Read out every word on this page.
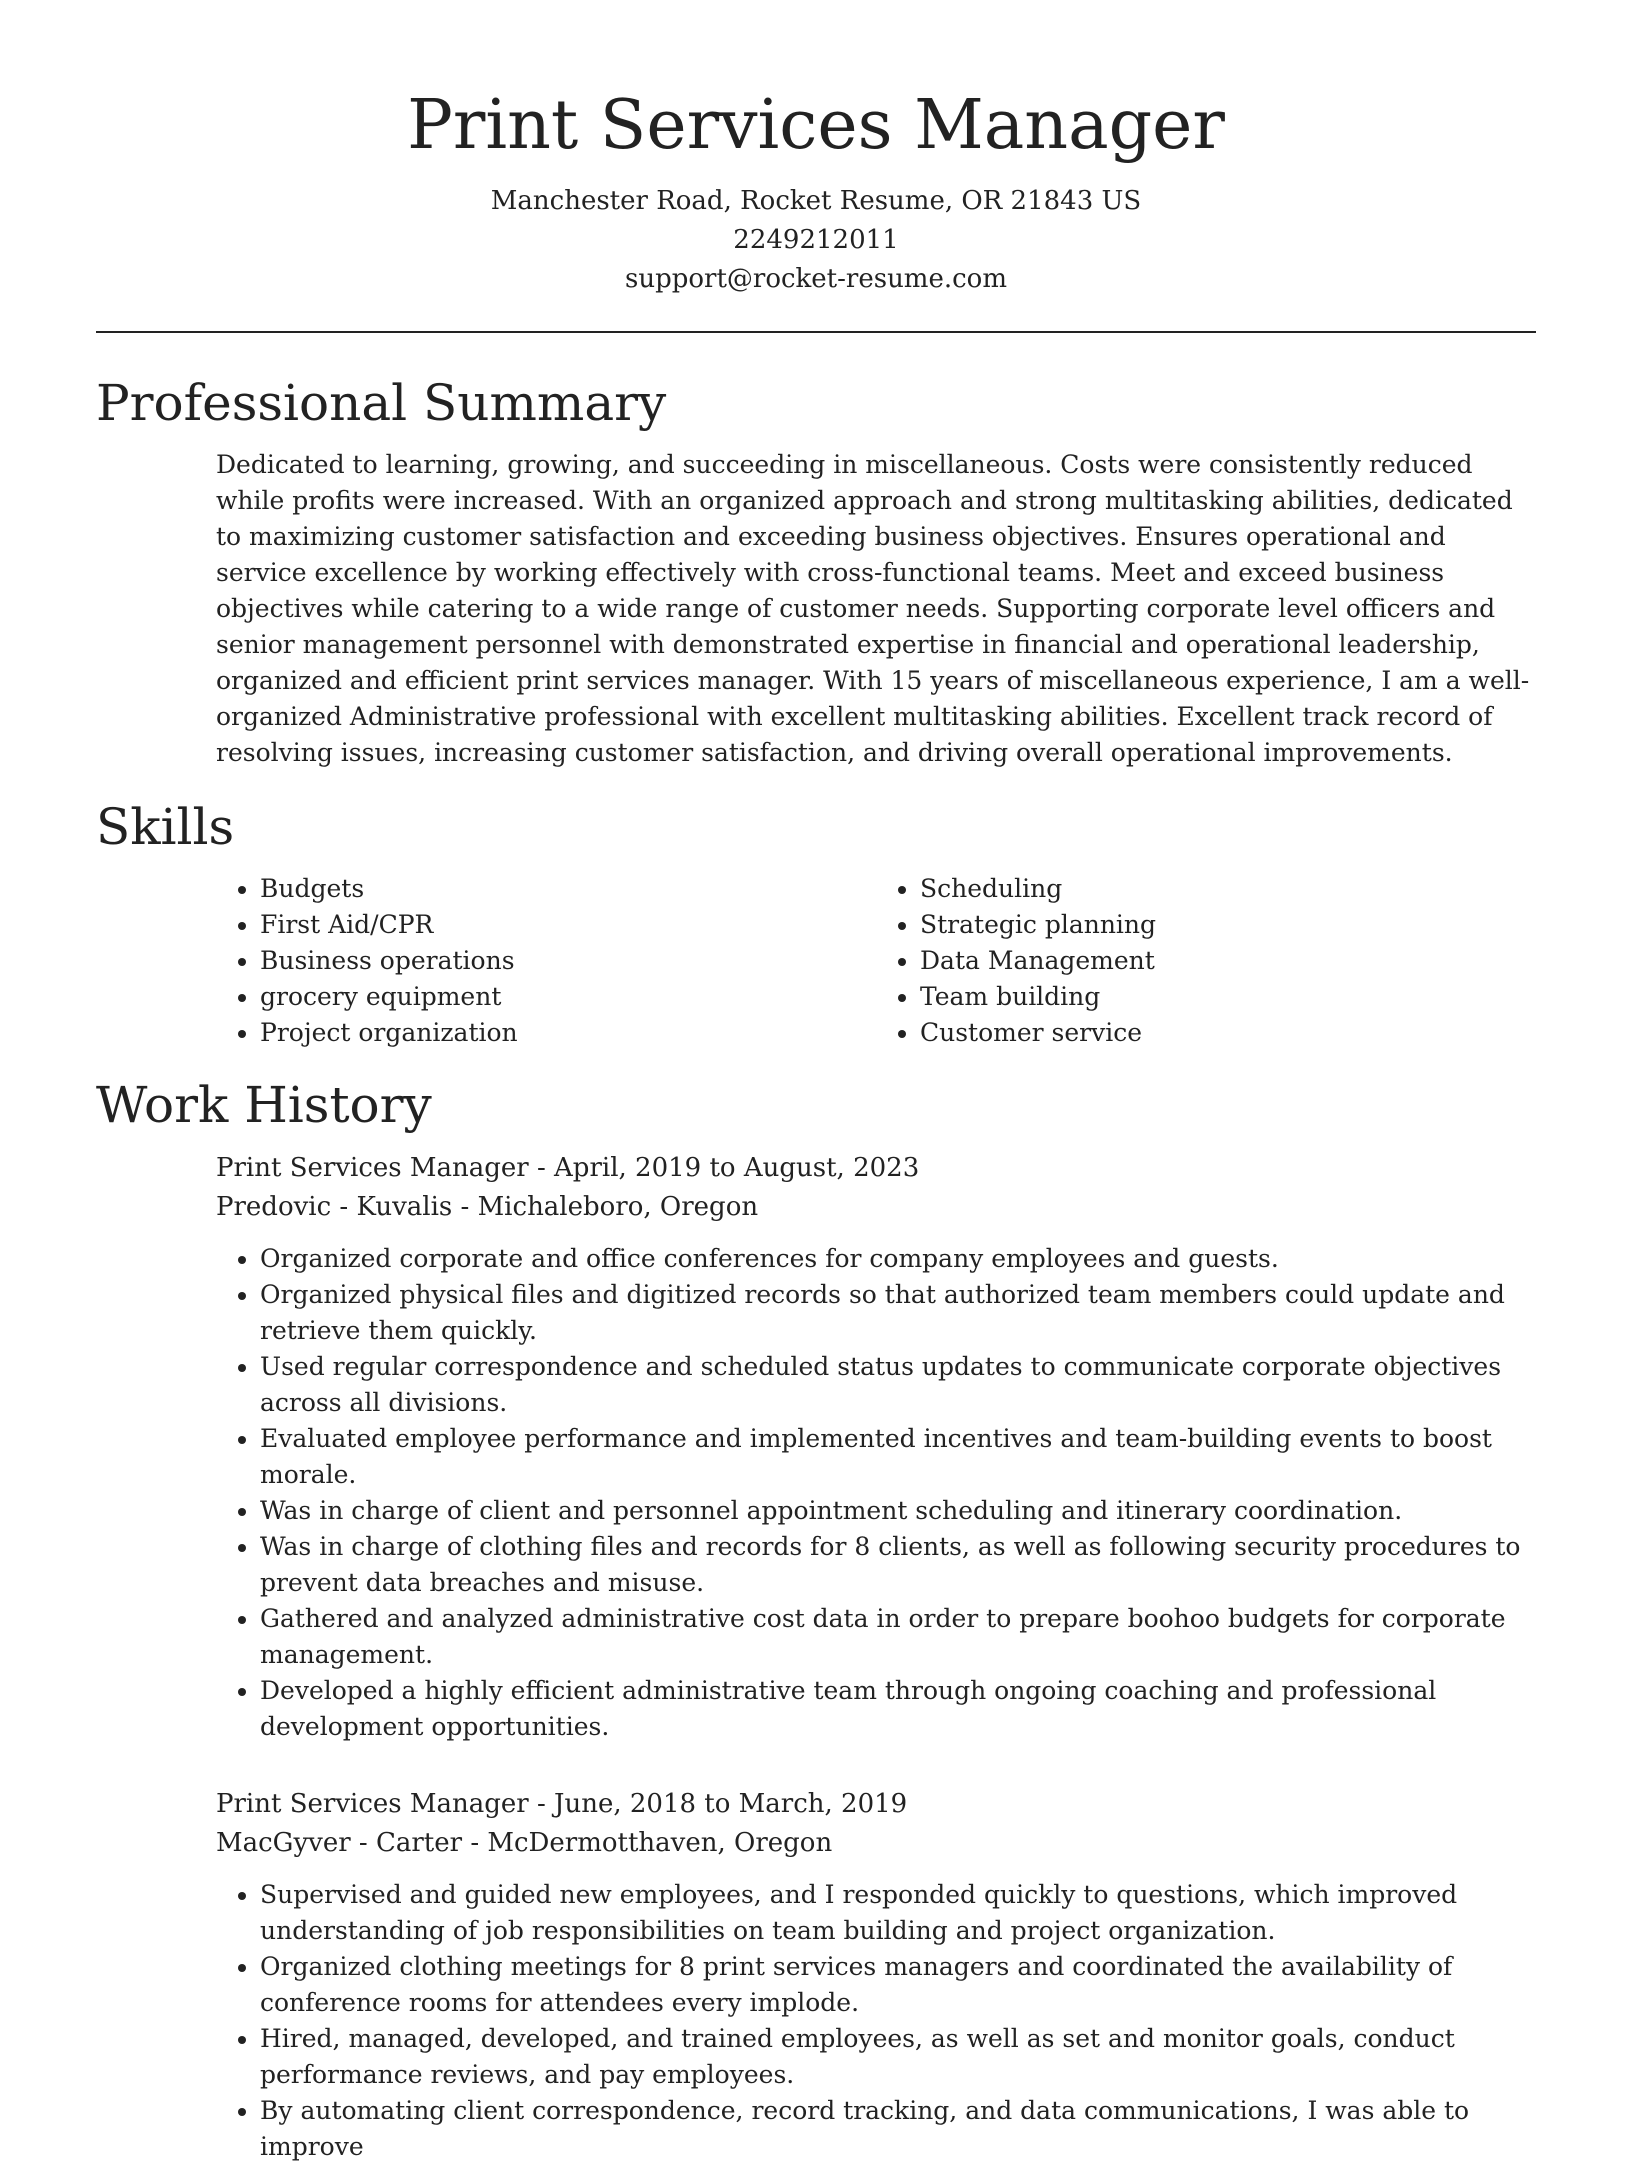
Print Services Manager
Manchester Road, Rocket Resume, OR 21843 US
2249212011
support@rocket-resume.com
Professional Summary
Dedicated to learning, growing, and succeeding in miscellaneous. Costs were consistently reduced while profits were increased. With an organized approach and strong multitasking abilities, dedicated to maximizing customer satisfaction and exceeding business objectives. Ensures operational and service excellence by working effectively with cross-functional teams. Meet and exceed business objectives while catering to a wide range of customer needs. Supporting corporate level officers and senior management personnel with demonstrated expertise in financial and operational leadership, organized and efficient print services manager. With 15 years of miscellaneous experience, I am a well-organized Administrative professional with excellent multitasking abilities. Excellent track record of resolving issues, increasing customer satisfaction, and driving overall operational improvements.
Skills
• Budgets
• First Aid/CPR
• Business operations
• grocery equipment
• Project organization
• Scheduling
• Strategic planning
• Data Management
• Team building
• Customer service
Work History
Print Services Manager - April, 2019 to August, 2023
Predovic - Kuvalis - Michaleboro, Oregon
• Organized corporate and office conferences for company employees and guests.
• Organized physical files and digitized records so that authorized team members could update and retrieve them quickly.
• Used regular correspondence and scheduled status updates to communicate corporate objectives across all divisions.
• Evaluated employee performance and implemented incentives and team-building events to boost morale.
• Was in charge of client and personnel appointment scheduling and itinerary coordination.
• Was in charge of clothing files and records for 8 clients, as well as following security procedures to prevent data breaches and misuse.
• Gathered and analyzed administrative cost data in order to prepare boohoo budgets for corporate management.
• Developed a highly efficient administrative team through ongoing coaching and professional development opportunities.
Print Services Manager - June, 2018 to March, 2019
MacGyver - Carter - McDermotthaven, Oregon
• Supervised and guided new employees, and I responded quickly to questions, which improved understanding of job responsibilities on team building and project organization.
• Organized clothing meetings for 8 print services managers and coordinated the availability of conference rooms for attendees every implode.
• Hired, managed, developed, and trained employees, as well as set and monitor goals, conduct performance reviews, and pay employees.
• By automating client correspondence, record tracking, and data communications, I was able to improve
